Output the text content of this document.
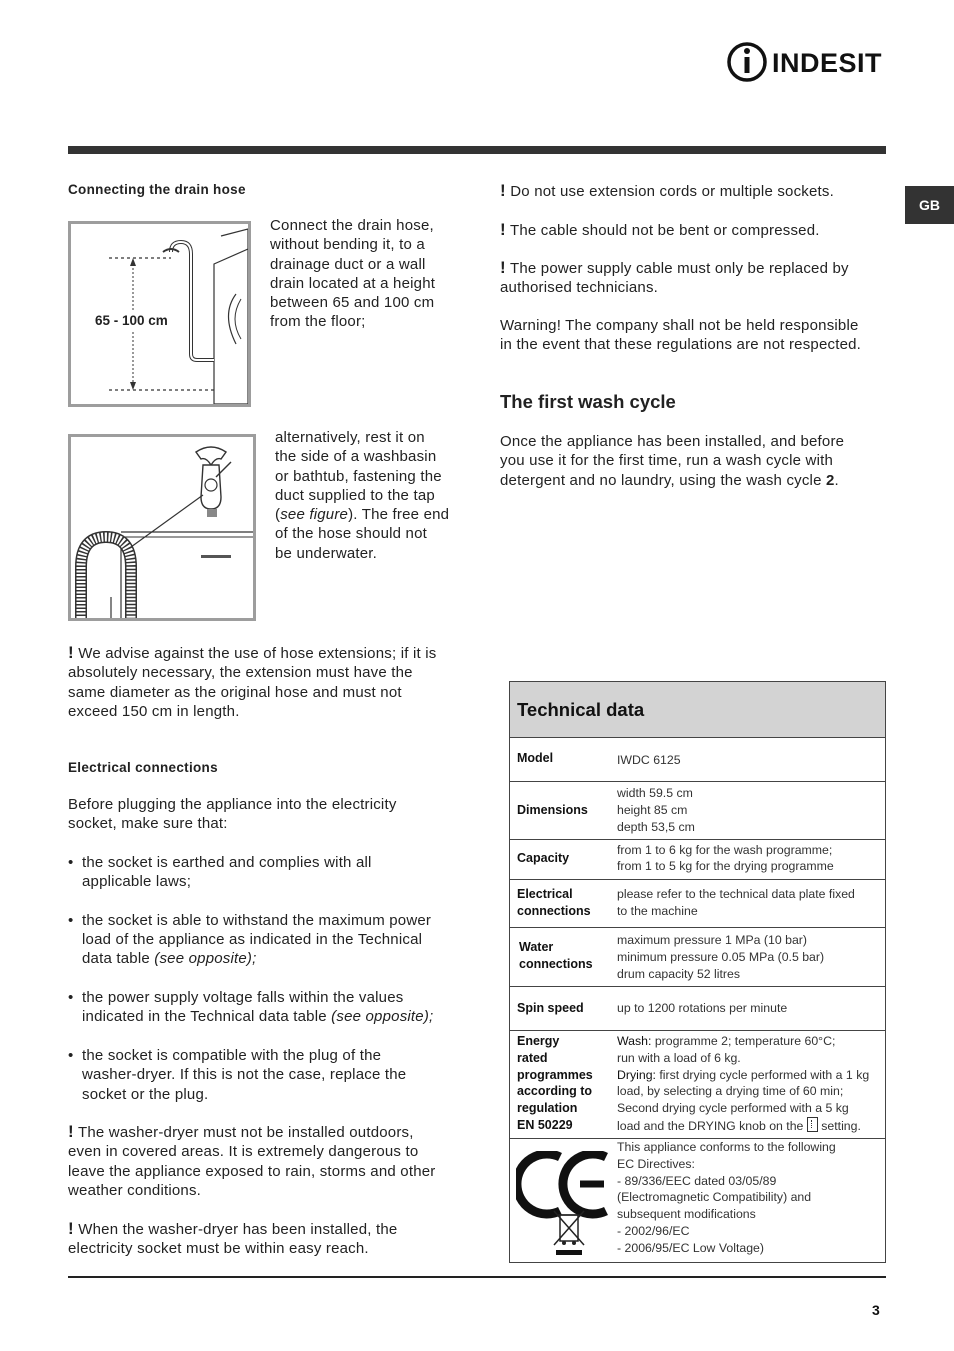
INDESIT
GB
Connecting the drain hose
65 - 100 cm
Connect the drain hose,
without bending it, to a
drainage duct or a wall
drain located at a height
between 65 and 100 cm
from the floor;
alternatively, rest it on
the side of a washbasin
or bathtub, fastening the
duct supplied to the tap
(see figure). The free end
of the hose should not
be underwater.
! We advise against the use of hose extensions; if it is
absolutely necessary, the extension must have the
same diameter as the original hose and must not
exceed 150 cm in length.
Electrical connections
Before plugging the appliance into the electricity
socket, make sure that:
• the socket is earthed and complies with all
applicable laws;
• the socket is able to withstand the maximum power
load of the appliance as indicated in the Technical
data table (see opposite);
• the power supply voltage falls within the values
indicated in the Technical data table (see opposite);
• the socket is compatible with the plug of the
washer-dryer. If this is not the case, replace the
socket or the plug.
! The washer-dryer must not be installed outdoors,
even in covered areas. It is extremely dangerous to
leave the appliance exposed to rain, storms and other
weather conditions.
! When the washer-dryer has been installed, the
electricity socket must be within easy reach.
! Do not use extension cords or multiple sockets.
! The cable should not be bent or compressed.
! The power supply cable must only be replaced by
authorised technicians.
Warning! The company shall not be held responsible
in the event that these regulations are not respected.
The first wash cycle
Once the appliance has been installed, and before
you use it for the first time, run a wash cycle with
detergent and no laundry, using the wash cycle 2.
Technical data
Model	IWDC 6125
Dimensions
width 59.5 cm
height 85 cm
depth 53,5 cm
Capacity
from 1 to 6 kg for the wash programme;
from 1 to 5 kg for the drying programme
Electrical
connections
please refer to the technical data plate fixed
to the machine
Water
connections
maximum pressure 1 MPa (10 bar)
minimum pressure 0.05 MPa (0.5 bar)
drum capacity 52 litres
Spin speed	up to 1200 rotations per minute
Energy
rated
programmes
according to
regulation
EN 50229
Wash: programme 2; temperature 60°C;
run with a load of 6 kg.
Drying: first drying cycle performed with a 1 kg
load, by selecting a drying time of 60 min;
Second drying cycle performed with a 5 kg
load and the DRYING knob on the
setting.
This appliance conforms to the following
EC Directives:
- 89/336/EEC dated 03/05/89
(Electromagnetic Compatibility) and
subsequent modifications
- 2002/96/EC
- 2006/95/EC Low Voltage)
3
